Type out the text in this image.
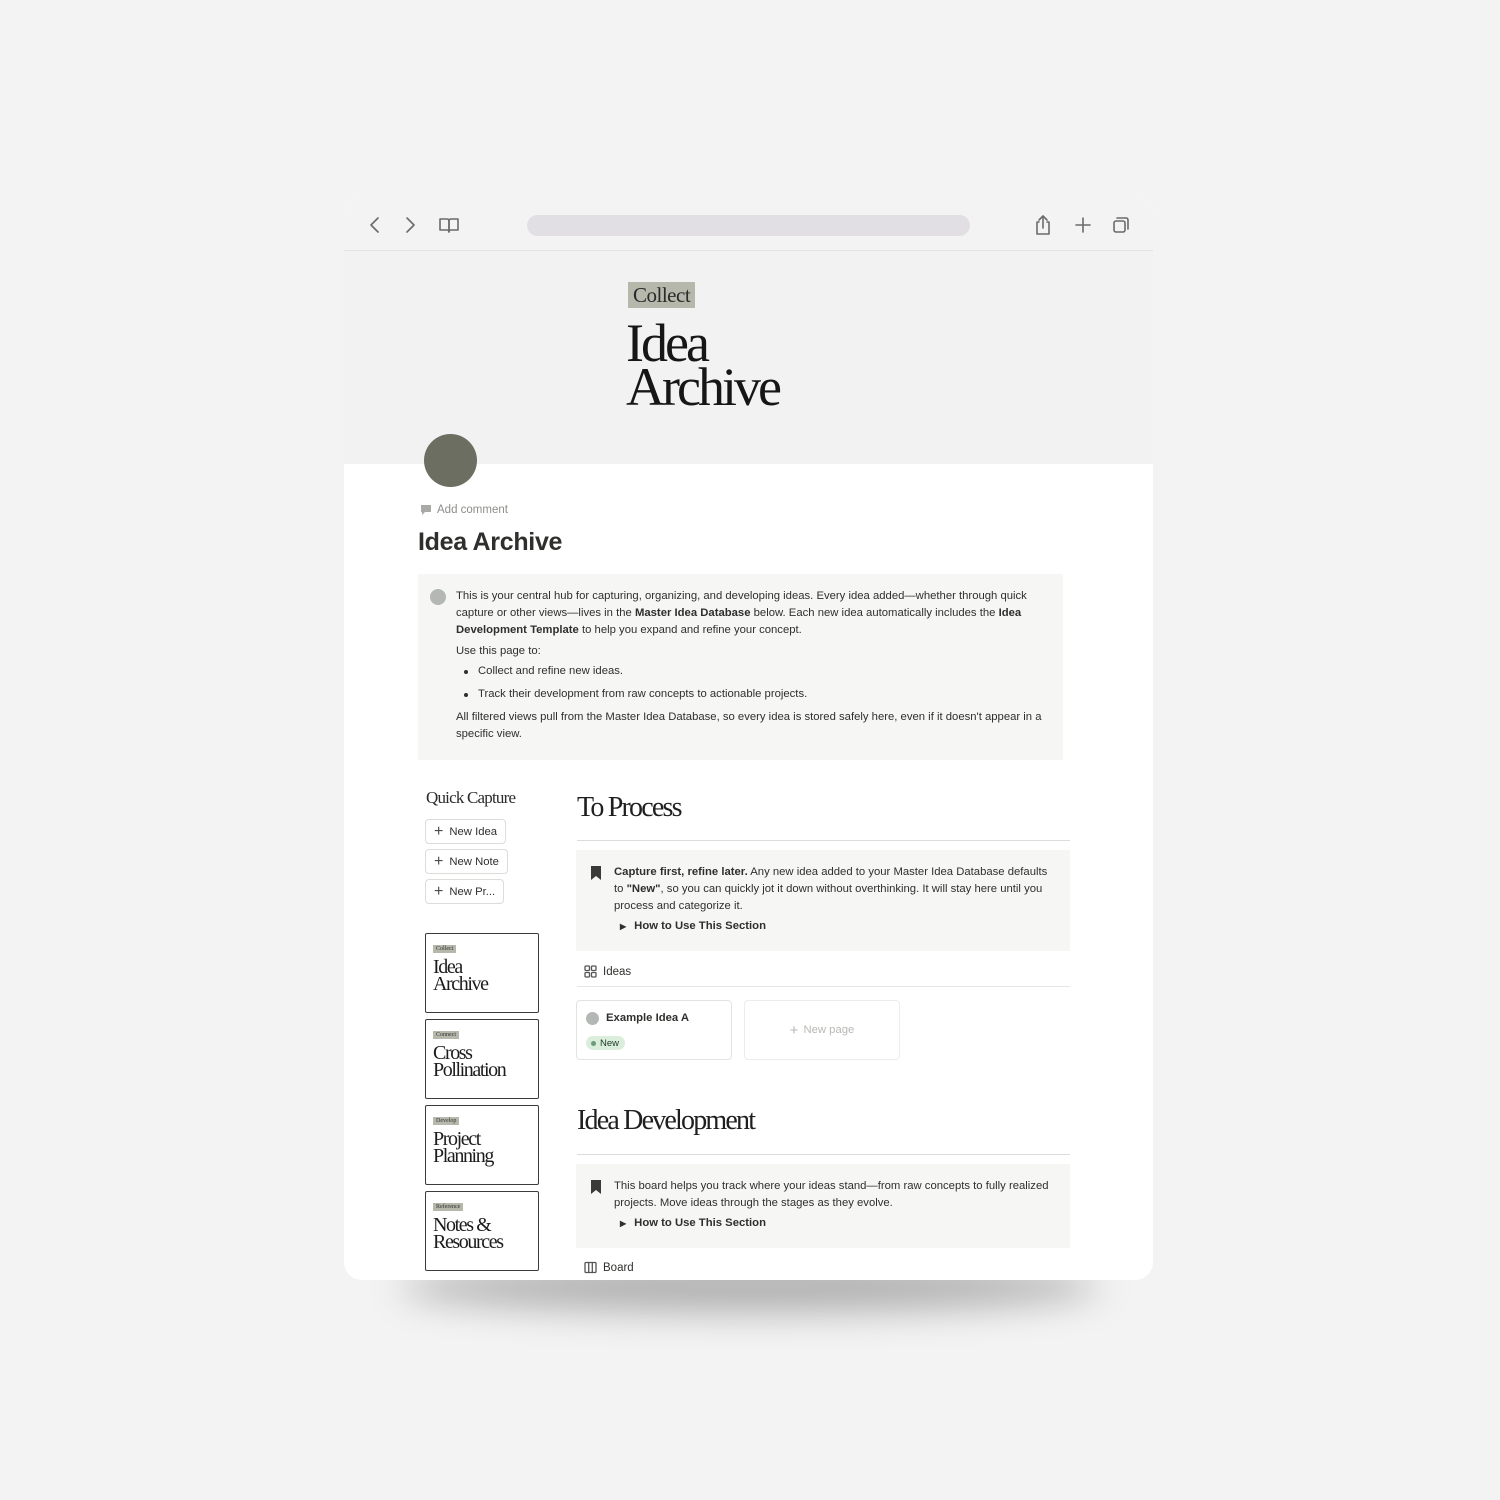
Collect
Idea
Archive
Add comment
Idea Archive

This is your central hub for capturing, organizing, and developing ideas. Every idea added—whether through quick capture or other views—lives in the Master Idea Database below. Each new idea automatically includes the Idea Development Template to help you expand and refine your concept.

Use this page to:

Collect and refine new ideas.
Track their development from raw concepts to actionable projects.

All filtered views pull from the Master Idea Database, so every idea is stored safely here, even if it doesn't appear in a specific view.

Quick Capture
+ New Idea
+ New Note
+ New Pr...
Collect
Idea
Archive
Connect
Cross
Pollination
Develop
Project
Planning
Reference
Notes &
Resources
To Process
Capture first, refine later. Any new idea added to your Master Idea Database defaults to "New", so you can quickly jot it down without overthinking. It will stay here until you process and categorize it.
▶ How to Use This Section
Ideas
Example Idea A
New
+ New page
Idea Development
This board helps you track where your ideas stand—from raw concepts to fully realized projects. Move ideas through the stages as they evolve.
▶ How to Use This Section
Board
